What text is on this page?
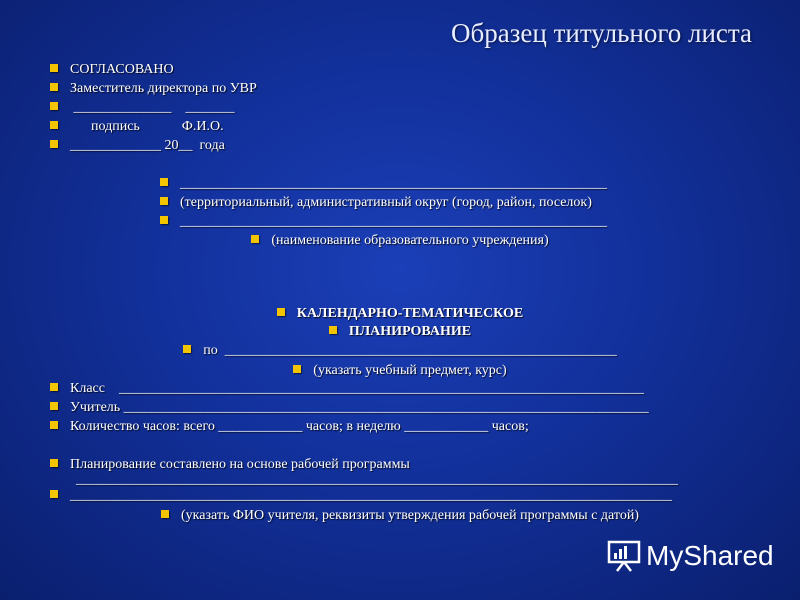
Образец титульного листа
СОГЛАСОВАНО
Заместитель директора по УВР
______________    _______
подпись            Ф.И.О.
_____________ 20__  года
_____________________________________________________________
(территориальный, административный округ (город, район, поселок)
_____________________________________________________________
(наименование образовательного учреждения)
КАЛЕНДАРНО-ТЕМАТИЧЕСКОЕ
ПЛАНИРОВАНИЕ
по  ________________________________________________________
(указать учебный предмет, курс)
Класс    ___________________________________________________________________________
Учитель ___________________________________________________________________________
Количество часов: всего ____________ часов; в неделю ____________ часов;
Планирование составлено на основе рабочей программы
______________________________________________________________________________________
______________________________________________________________________________________
(указать ФИО учителя, реквизиты утверждения рабочей программы с датой)
MyShared
